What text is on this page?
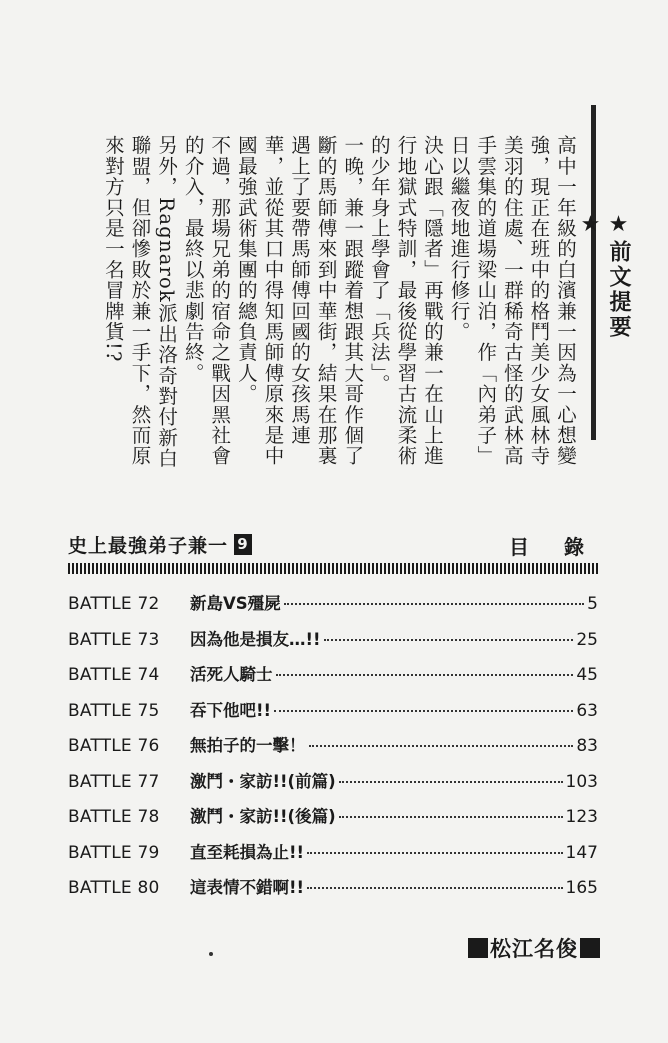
★前文提要★

高中一年級的白濱兼一因為一心想變強，現正在班中的格鬥美少女風林寺美羽的住處、一群稀奇古怪的武林高手雲集的道場梁山泊，作「內弟子」日以繼夜地進行修行。

決心跟「隱者」再戰的兼一在山上進行地獄式特訓，最後從學習古流柔術的少年身上學會了「兵法」。

一晚，兼一跟蹤着想跟其大哥作個了斷的馬師傅來到中華街，結果在那裏遇上了要帶馬師傅回國的女孩馬連華，並從其口中得知馬師傅原來是中國最強武術集團的總負責人。

不過，那場兄弟的宿命之戰因黑社會的介入，最終以悲劇告終。

另外，Ragnarok派出洛奇對付新白聯盟，但卻慘敗於兼一手下，然而原來對方只是一名冒牌貨!?

史上最強弟子兼一 9	目 錄
BATTLE 72	新島VS殭屍	5
BATTLE 73	因為他是損友…!!	25
BATTLE 74	活死人騎士	45
BATTLE 75	吞下他吧!!	63
BATTLE 76	無拍子的一擊！	83
BATTLE 77	激鬥・家訪!!(前篇)	103
BATTLE 78	激鬥・家訪!!(後篇)	123
BATTLE 79	直至耗損為止!!	147
BATTLE 80	這表情不錯啊!!	165
松江名俊
